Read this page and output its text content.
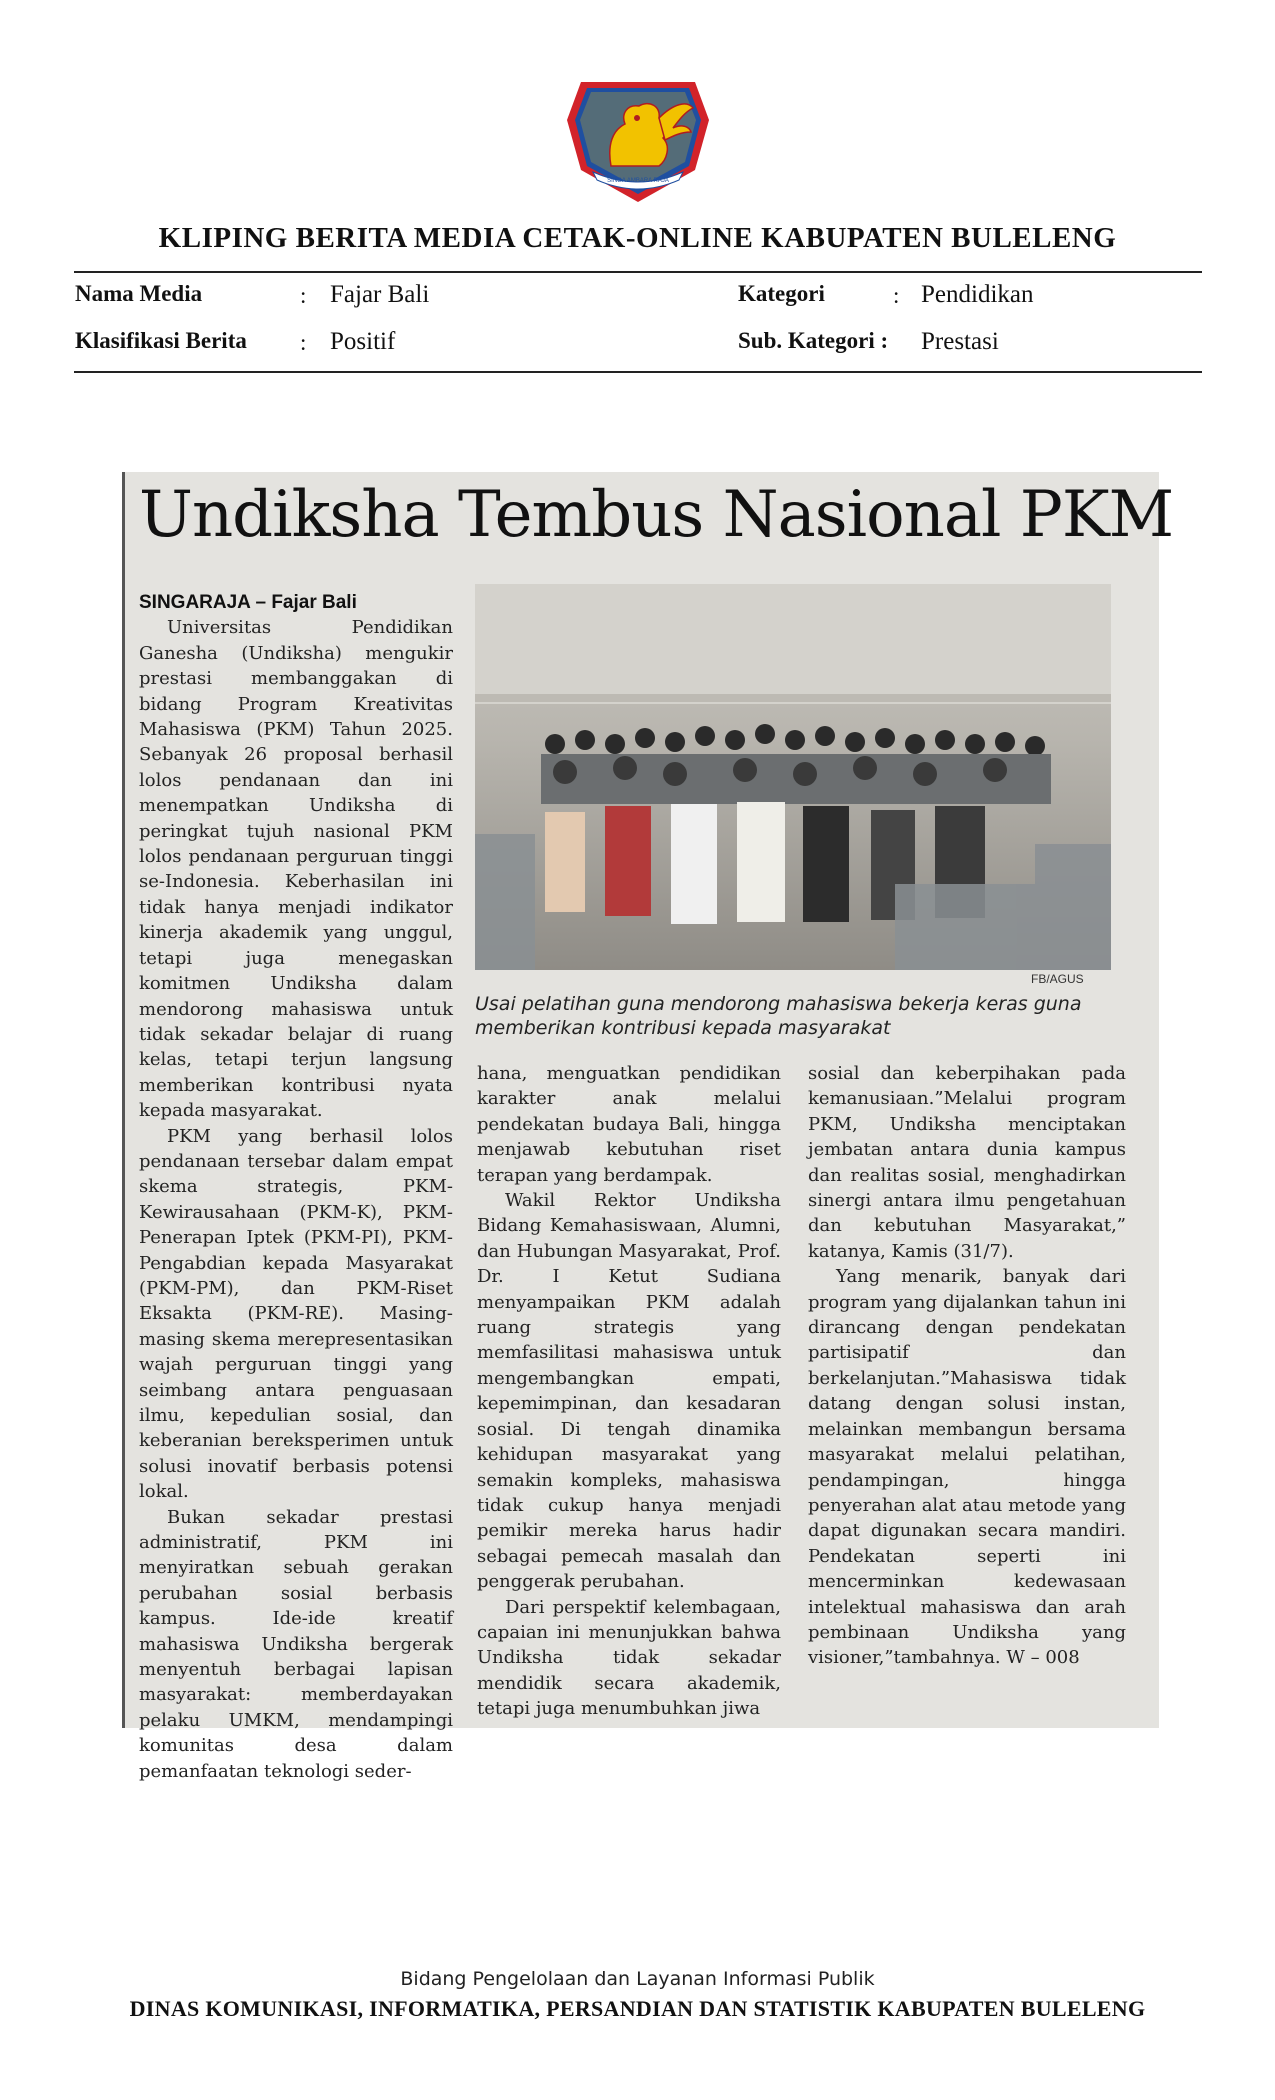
SINGA AMBARA RAJA
KLIPING BERITA MEDIA CETAK-ONLINE KABUPATEN BULELENG
Nama Media	: Fajar Bali	Kategori	: Pendidikan
Klasifikasi Berita : Positif	Sub. Kategori : Prestasi
Undiksha Tembus Nasional PKM
SINGARAJA – Fajar Bali

Universitas Pendidikan Ganesha (Undiksha) mengukir prestasi membanggakan di bidang Program Kreativitas Mahasiswa (PKM) Tahun 2025. Sebanyak 26 proposal berhasil lolos pendanaan dan ini menempatkan Undiksha di peringkat tujuh nasional PKM lolos pendanaan perguruan tinggi se-Indonesia. Keberhasilan ini tidak hanya menjadi indikator kinerja akademik yang unggul, tetapi juga menegaskan komitmen Undiksha dalam mendorong mahasiswa untuk tidak sekadar belajar di ruang kelas, tetapi terjun langsung memberikan kontribusi nyata kepada masyarakat.

PKM yang berhasil lolos pendanaan tersebar dalam empat skema strategis, PKM-Kewirausahaan (PKM-K), PKM-Penerapan Iptek (PKM-PI), PKM-Pengabdian kepada Masyarakat (PKM-PM), dan PKM-Riset Eksakta (PKM-RE). Masing-masing skema merepresentasikan wajah perguruan tinggi yang seimbang antara penguasaan ilmu, kepedulian sosial, dan keberanian bereksperimen untuk solusi inovatif berbasis potensi lokal.

Bukan sekadar prestasi administratif, PKM ini menyiratkan sebuah gerakan perubahan sosial berbasis kampus. Ide-ide kreatif mahasiswa Undiksha bergerak menyentuh berbagai lapisan masyarakat: memberdayakan pelaku UMKM, mendampingi komunitas desa dalam pemanfaatan teknologi seder-

FB/AGUS
Usai pelatihan guna mendorong mahasiswa bekerja keras guna memberikan kontribusi kepada masyarakat

hana, menguatkan pendidikan karakter anak melalui pendekatan budaya Bali, hingga menjawab kebutuhan riset terapan yang berdampak.

Wakil Rektor Undiksha Bidang Kemahasiswaan, Alumni, dan Hubungan Masyarakat, Prof. Dr. I Ketut Sudiana menyampaikan PKM adalah ruang strategis yang memfasilitasi mahasiswa untuk mengembangkan empati, kepemimpinan, dan kesadaran sosial. Di tengah dinamika kehidupan masyarakat yang semakin kompleks, mahasiswa tidak cukup hanya menjadi pemikir mereka harus hadir sebagai pemecah masalah dan penggerak perubahan.

Dari perspektif kelembagaan, capaian ini menunjukkan bahwa Undiksha tidak sekadar mendidik secara akademik, tetapi juga menumbuhkan jiwa

sosial dan keberpihakan pada kemanusiaan.”Melalui program PKM, Undiksha menciptakan jembatan antara dunia kampus dan realitas sosial, menghadirkan sinergi antara ilmu pengetahuan dan kebutuhan Masyarakat,” katanya, Kamis (31/7).

Yang menarik, banyak dari program yang dijalankan tahun ini dirancang dengan pendekatan partisipatif dan berkelanjutan.”Mahasiswa tidak datang dengan solusi instan, melainkan membangun bersama masyarakat melalui pelatihan, pendampingan, hingga penyerahan alat atau metode yang dapat digunakan secara mandiri. Pendekatan seperti ini mencerminkan kedewasaan intelektual mahasiswa dan arah pembinaan Undiksha yang visioner,”tambahnya. W – 008

Bidang Pengelolaan dan Layanan Informasi Publik
DINAS KOMUNIKASI, INFORMATIKA, PERSANDIAN DAN STATISTIK KABUPATEN BULELENG
